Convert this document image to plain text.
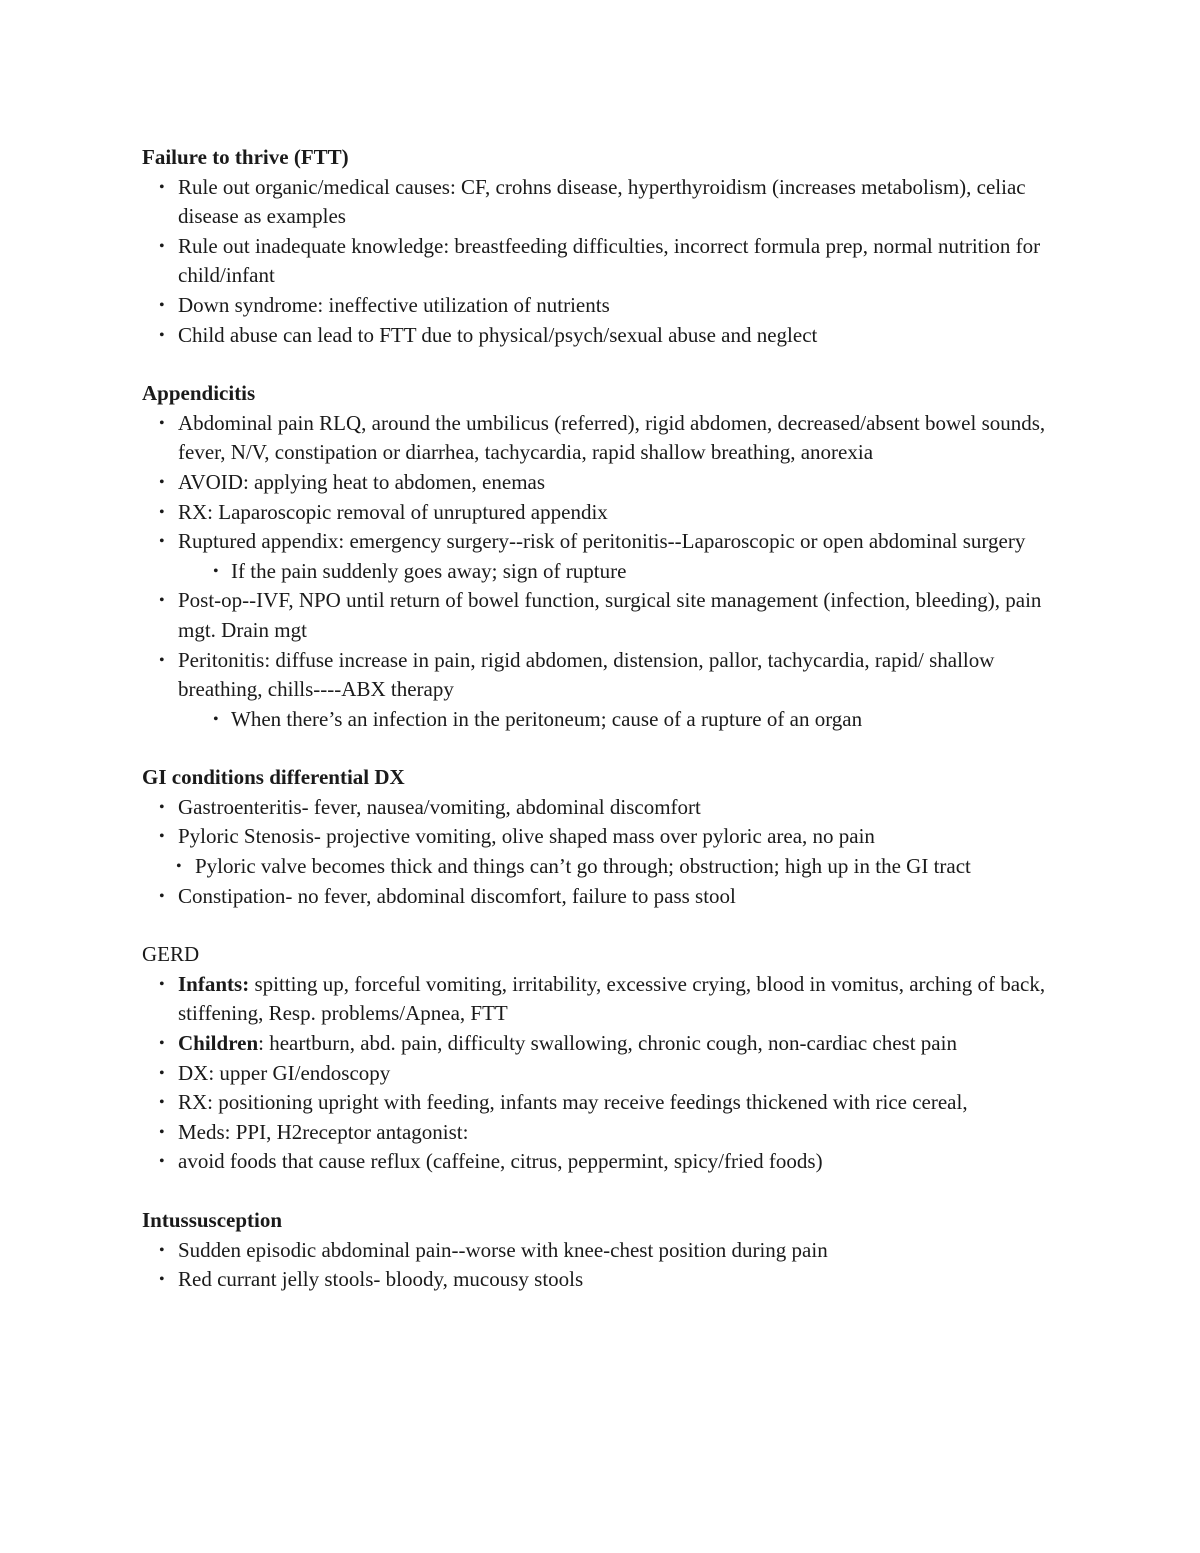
Failure to thrive (FTT)

• Rule out organic/medical causes: CF, crohns disease, hyperthyroidism (increases metabolism), celiac disease as examples
• Rule out inadequate knowledge: breastfeeding difficulties, incorrect formula prep, normal nutrition for child/infant
• Down syndrome: ineffective utilization of nutrients
• Child abuse can lead to FTT due to physical/psych/sexual abuse and neglect

Appendicitis

• Abdominal pain RLQ, around the umbilicus (referred), rigid abdomen, decreased/absent bowel sounds, fever, N/V, constipation or diarrhea, tachycardia, rapid shallow breathing, anorexia
• AVOID: applying heat to abdomen, enemas
• RX: Laparoscopic removal of unruptured appendix
• Ruptured appendix: emergency surgery--risk of peritonitis--Laparoscopic or open abdominal surgery
• If the pain suddenly goes away; sign of rupture
• Post-op--IVF, NPO until return of bowel function, surgical site management (infection, bleeding), pain mgt. Drain mgt
• Peritonitis: diffuse increase in pain, rigid abdomen, distension, pallor, tachycardia, rapid/ shallow breathing, chills----ABX therapy
• When there’s an infection in the peritoneum; cause of a rupture of an organ

GI conditions differential DX

• Gastroenteritis- fever, nausea/vomiting, abdominal discomfort
• Pyloric Stenosis- projective vomiting, olive shaped mass over pyloric area, no pain
• Pyloric valve becomes thick and things can’t go through; obstruction; high up in the GI tract
• Constipation- no fever, abdominal discomfort, failure to pass stool

GERD

• Infants: spitting up, forceful vomiting, irritability, excessive crying, blood in vomitus, arching of back, stiffening, Resp. problems/Apnea, FTT
• Children: heartburn, abd. pain, difficulty swallowing, chronic cough, non-cardiac chest pain
• DX: upper GI/endoscopy
• RX: positioning upright with feeding, infants may receive feedings thickened with rice cereal,
• Meds: PPI, H2receptor antagonist:
• avoid foods that cause reflux (caffeine, citrus, peppermint, spicy/fried foods)

Intussusception

• Sudden episodic abdominal pain--worse with knee-chest position during pain
• Red currant jelly stools- bloody, mucousy stools
